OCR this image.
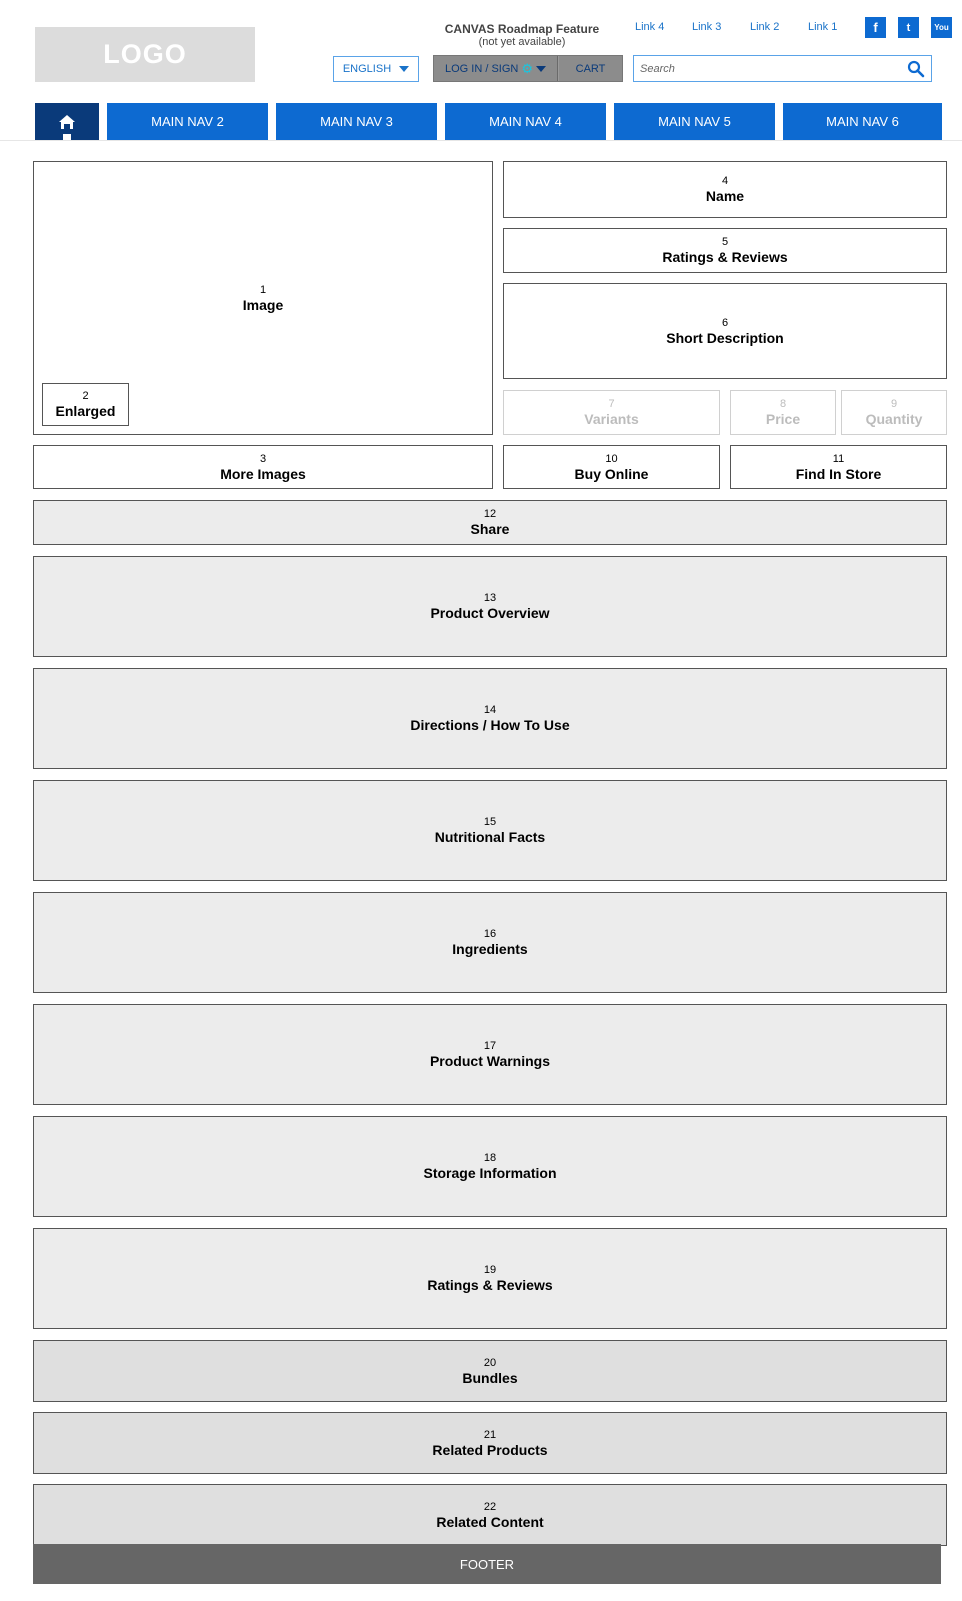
LOGO
CANVAS Roadmap Feature
(not yet available)
Link 4	Link 3	Link 2	Link 1	f	t	You
ENGLISH	LOG IN / SIGN ⚙	CART
Search
MAIN NAV 2	MAIN NAV 3	MAIN NAV 4	MAIN NAV 5	MAIN NAV 6
1
Image
2
Enlarged
3
More Images
4
Name
5
Ratings & Reviews
6
Short Description
7
Variants
8
Price
9
Quantity
10
Buy Online
11
Find In Store
12
Share
13
Product Overview
14
Directions / How To Use
15
Nutritional Facts
16
Ingredients
17
Product Warnings
18
Storage Information
19
Ratings & Reviews
20
Bundles
21
Related Products
22
Related Content
FOOTER
